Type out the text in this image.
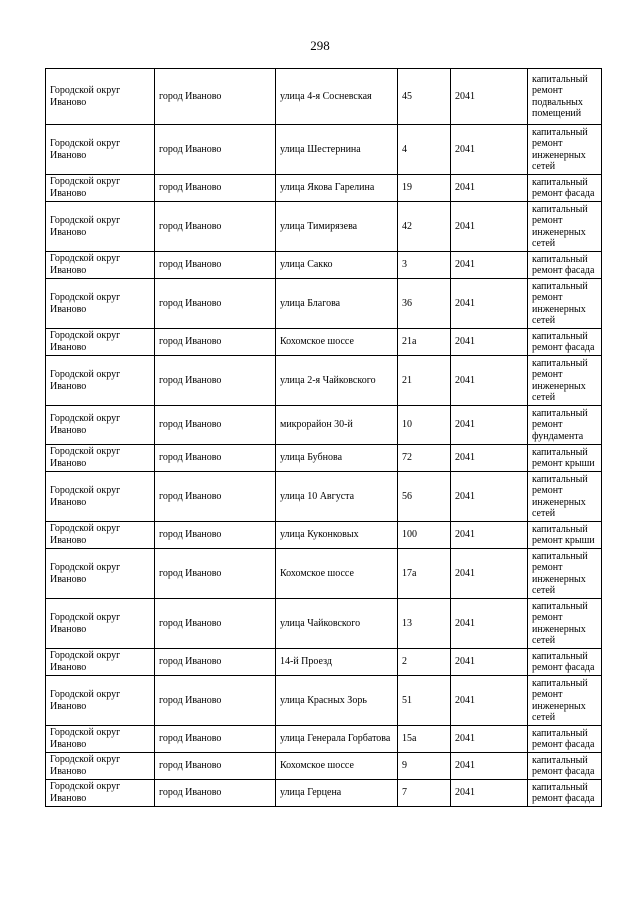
298
Городской округ Иваново	город Иваново	улица 4-я Сосневская	45	2041	капитальный ремонт подвальных помещений
Городской округ Иваново	город Иваново	улица Шестернина	4	2041	капитальный ремонт инженерных сетей
Городской округ Иваново	город Иваново	улица Якова Гарелина	19	2041	капитальный ремонт фасада
Городской округ Иваново	город Иваново	улица Тимирязева	42	2041	капитальный ремонт инженерных сетей
Городской округ Иваново	город Иваново	улица Сакко	3	2041	капитальный ремонт фасада
Городской округ Иваново	город Иваново	улица Благова	36	2041	капитальный ремонт инженерных сетей
Городской округ Иваново	город Иваново	Кохомское шоссе	21а	2041	капитальный ремонт фасада
Городской округ Иваново	город Иваново	улица 2-я Чайковского	21	2041	капитальный ремонт инженерных сетей
Городской округ Иваново	город Иваново	микрорайон 30-й	10	2041	капитальный ремонт фундамента
Городской округ Иваново	город Иваново	улица Бубнова	72	2041	капитальный ремонт крыши
Городской округ Иваново	город Иваново	улица 10 Августа	56	2041	капитальный ремонт инженерных сетей
Городской округ Иваново	город Иваново	улица Куконковых	100	2041	капитальный ремонт крыши
Городской округ Иваново	город Иваново	Кохомское шоссе	17а	2041	капитальный ремонт инженерных сетей
Городской округ Иваново	город Иваново	улица Чайковского	13	2041	капитальный ремонт инженерных сетей
Городской округ Иваново	город Иваново	14-й Проезд	2	2041	капитальный ремонт фасада
Городской округ Иваново	город Иваново	улица Красных Зорь	51	2041	капитальный ремонт инженерных сетей
Городской округ Иваново	город Иваново	улица Генерала Горбатова	15а	2041	капитальный ремонт фасада
Городской округ Иваново	город Иваново	Кохомское шоссе	9	2041	капитальный ремонт фасада
Городской округ Иваново	город Иваново	улица Герцена	7	2041	капитальный ремонт фасада
